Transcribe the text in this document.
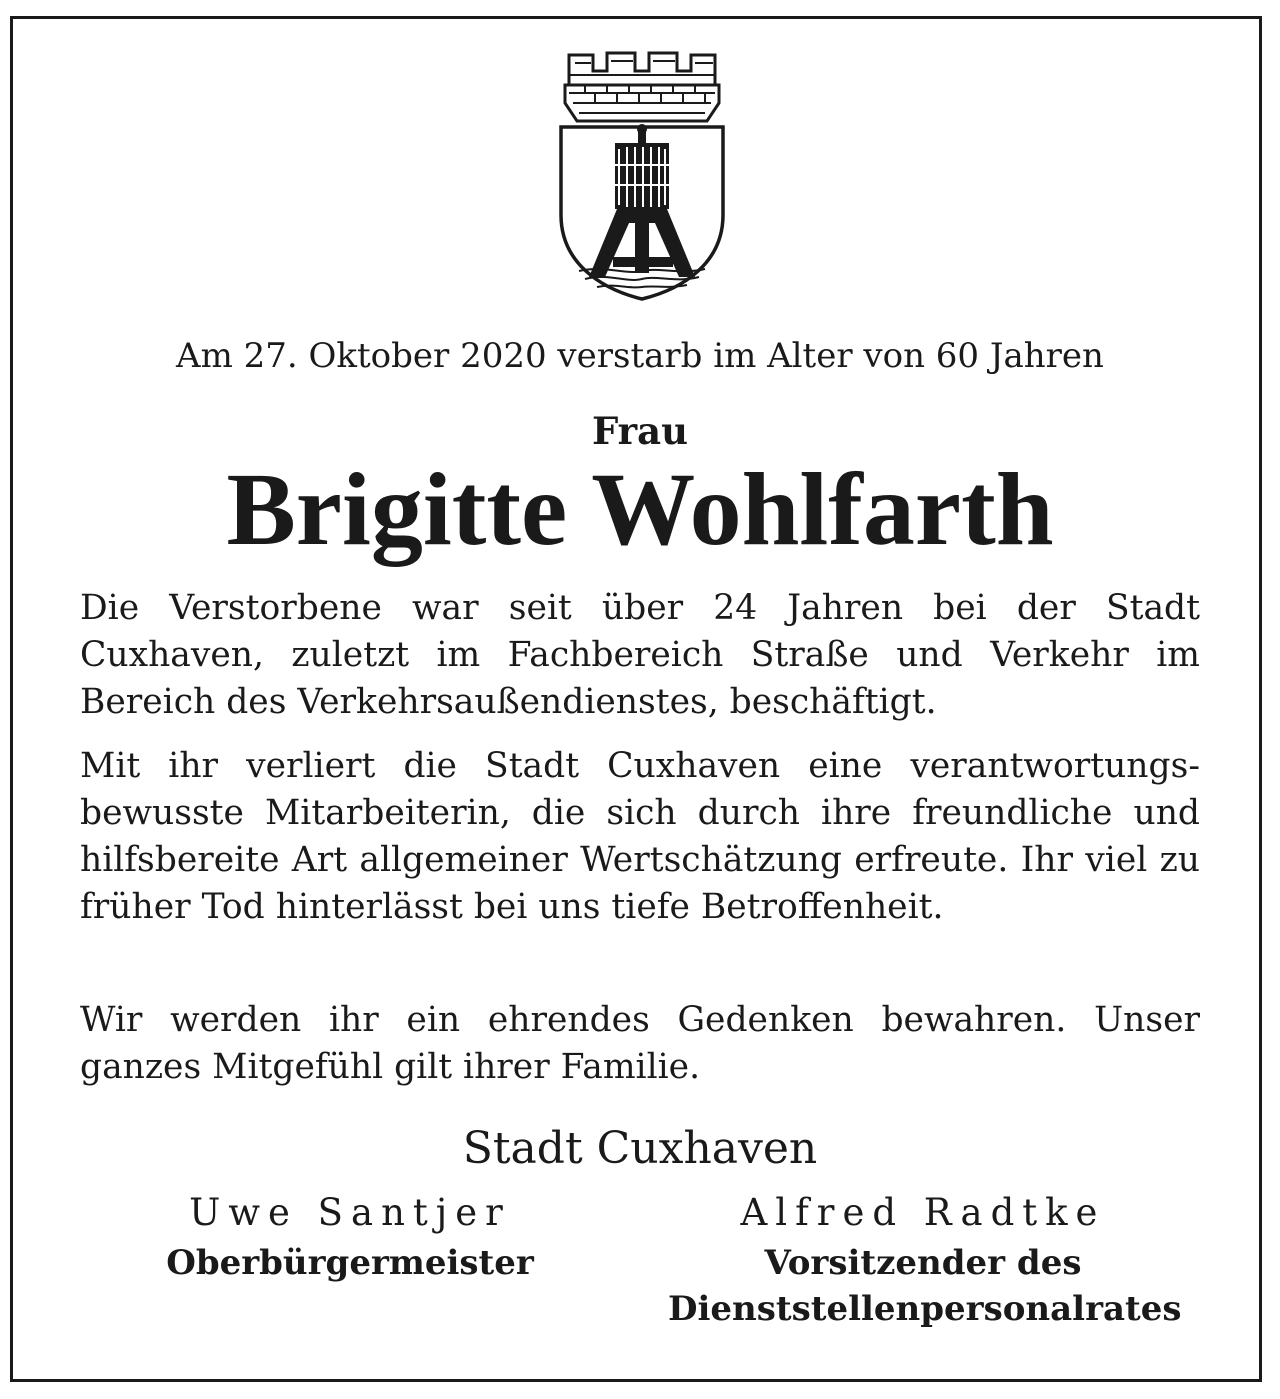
Am 27. Oktober 2020 verstarb im Alter von 60 Jahren
Frau
Brigitte Wohlfarth

Die Verstorbene war seit über 24 Jahren bei der Stadt Cuxhaven, zuletzt im Fachbereich Straße und Verkehr im Bereich des Verkehrsaußendienstes, beschäftigt.

Mit ihr verliert die Stadt Cuxhaven eine verantwortungsbewusste Mitarbeiterin, die sich durch ihre freundliche und hilfsbereite Art allgemeiner Wertschätzung erfreute. Ihr viel zu früher Tod hinterlässt bei uns tiefe Betroffenheit.

Wir werden ihr ein ehrendes Gedenken bewahren. Unser ganzes Mitgefühl gilt ihrer Familie.

Stadt Cuxhaven
Uwe Santjer
Oberbürgermeister
Alfred Radtke
Vorsitzender des Dienststellenpersonalrates
